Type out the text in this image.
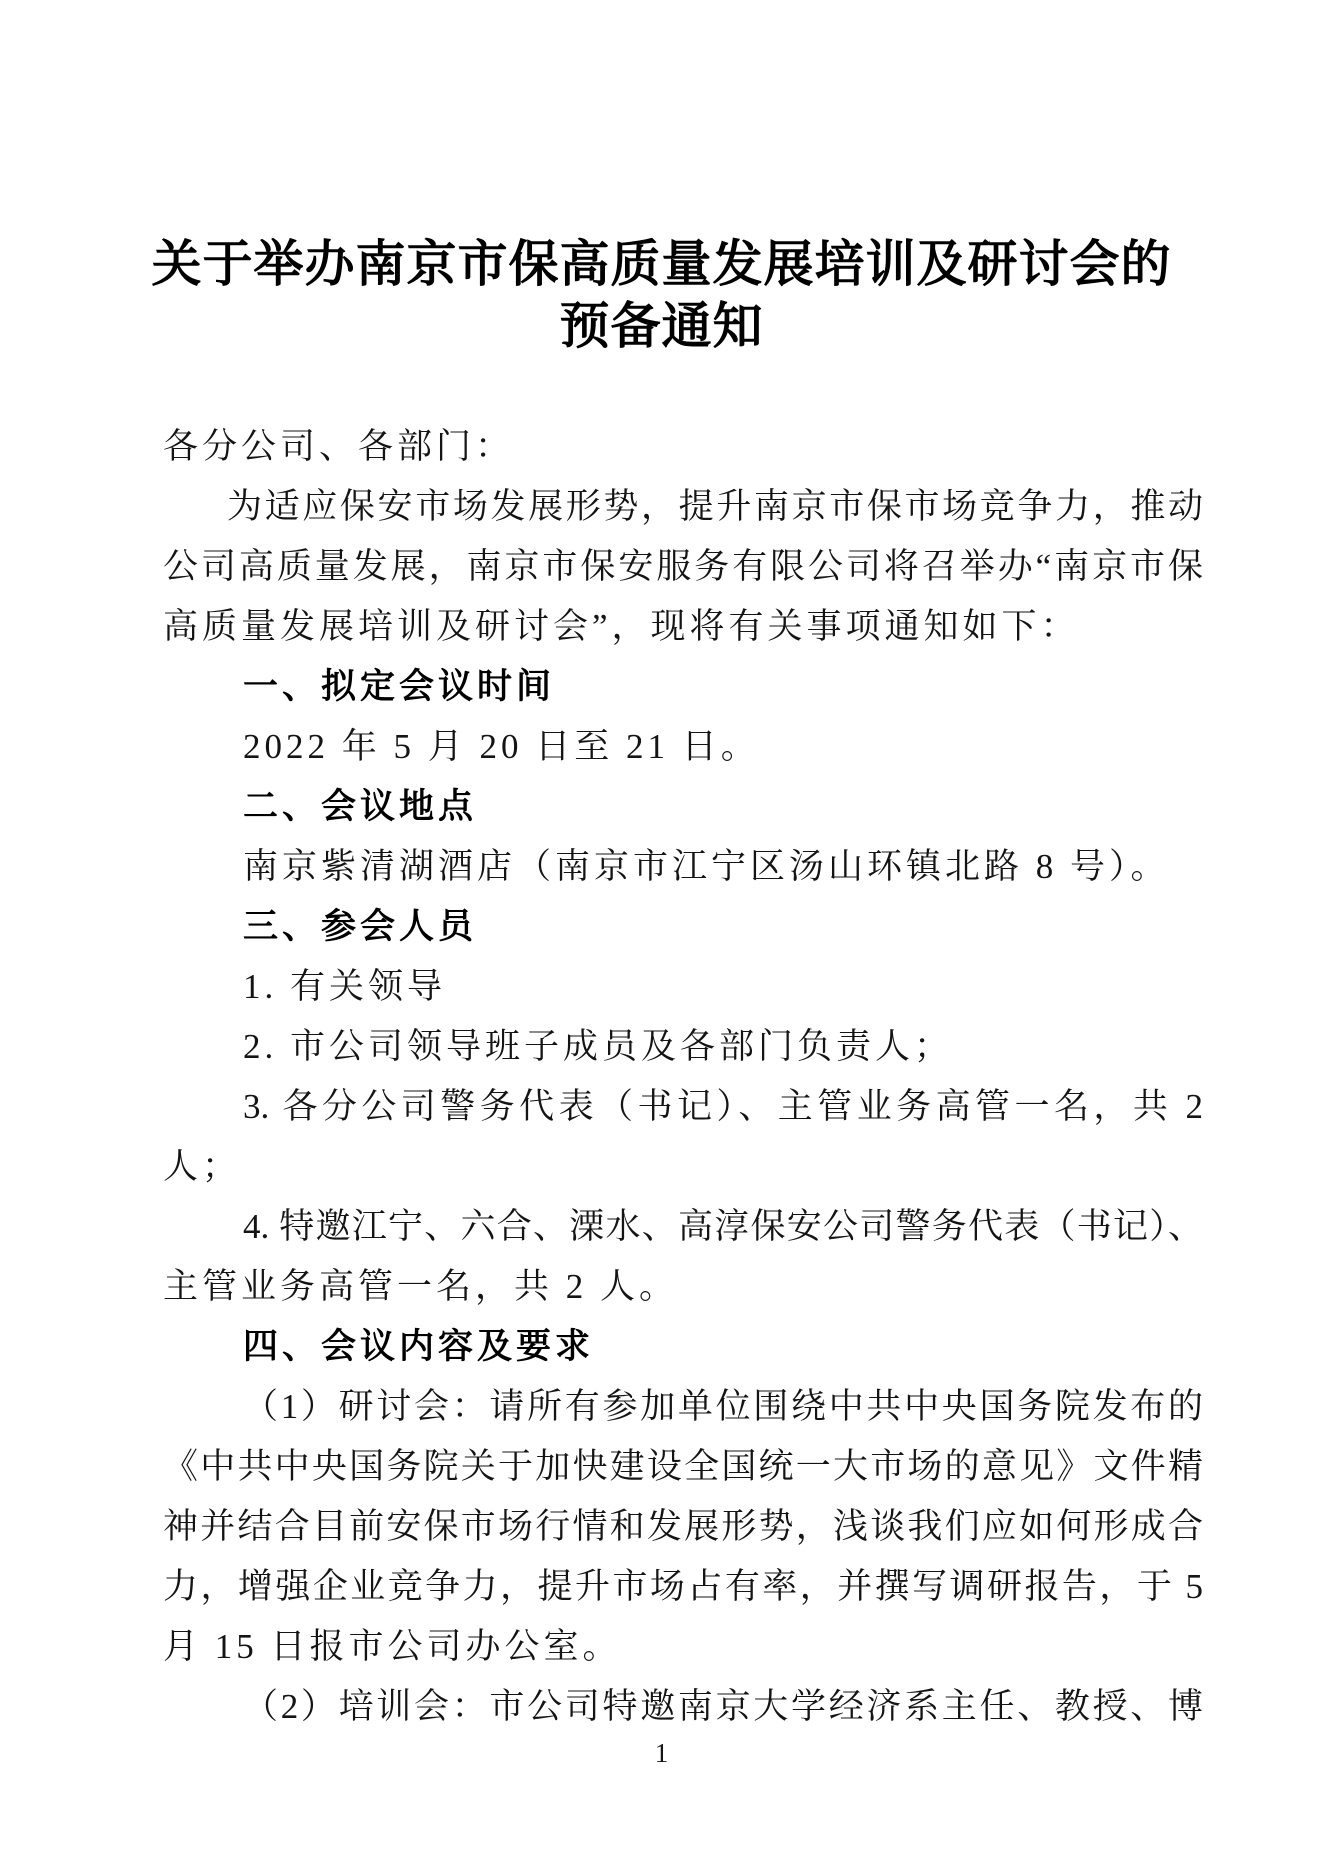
关于举办南京市保高质量发展培训及研讨会的
预备通知
各分公司、各部门：
为适应保安市场发展形势，提升南京市保市场竞争力，推动
公司高质量发展，南京市保安服务有限公司将召举办“南京市保
高质量发展培训及研讨会”，现将有关事项通知如下：
一、拟定会议时间
2022 年 5 月 20 日至 21 日。
二、会议地点
南京紫清湖酒店（南京市江宁区汤山环镇北路 8 号）。
三、参会人员
1. 有关领导
2. 市公司领导班子成员及各部门负责人；
3. 各分公司警务代表（书记）、主管业务高管一名，共 2
人；
4. 特邀江宁、六合、溧水、高淳保安公司警务代表（书记）、
主管业务高管一名，共 2 人。
四、会议内容及要求
（1）研讨会：请所有参加单位围绕中共中央国务院发布的
《中共中央国务院关于加快建设全国统一大市场的意见》文件精
神并结合目前安保市场行情和发展形势，浅谈我们应如何形成合
力，增强企业竞争力，提升市场占有率，并撰写调研报告，于 5
月 15 日报市公司办公室。
（2）培训会：市公司特邀南京大学经济系主任、教授、博
1
